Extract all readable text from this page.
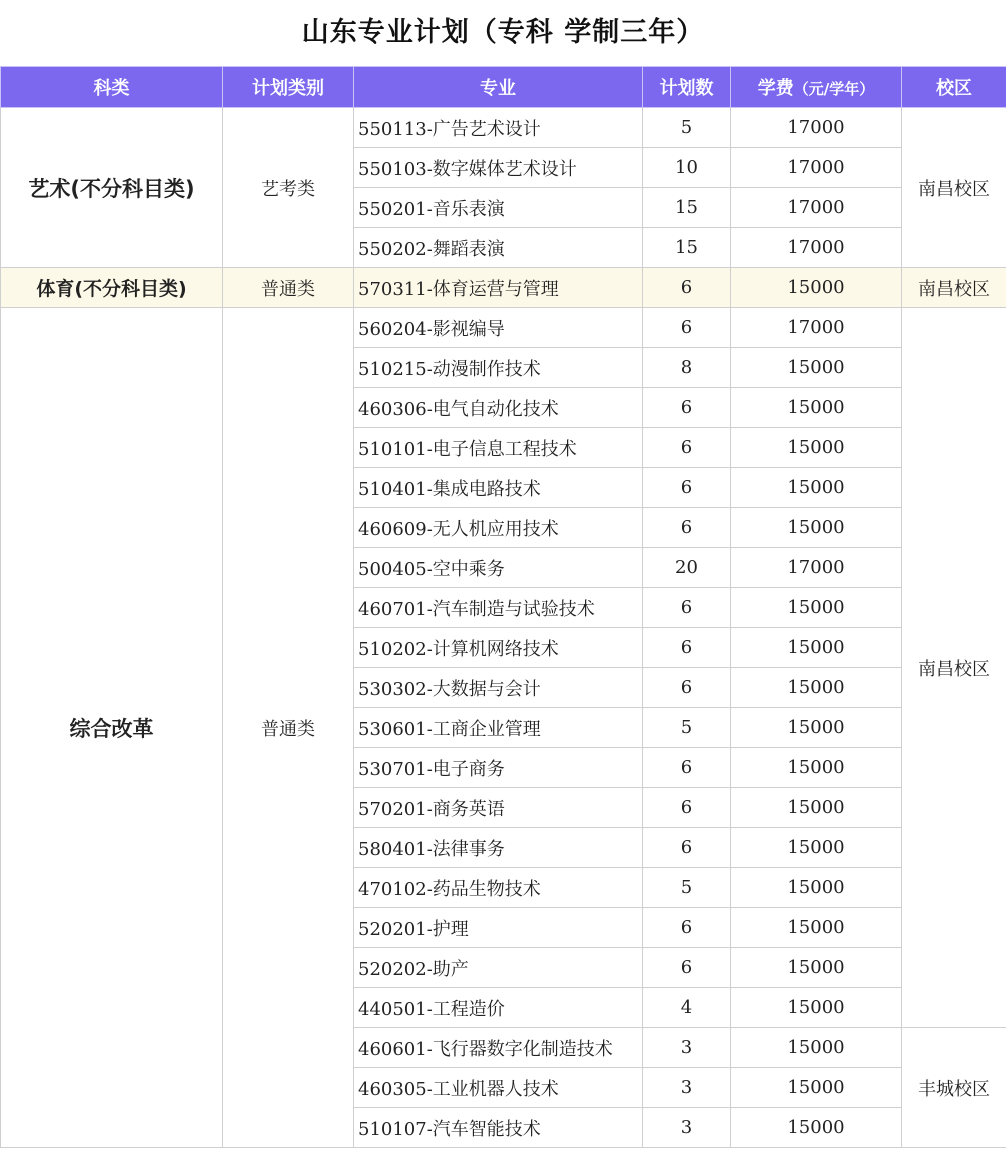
山东专业计划（专科 学制三年）
科类	计划类别	专业	计划数	学费（元/学年）	校区
艺术(不分科目类)	艺考类	550113-广告艺术设计	5	17000	南昌校区
		550103-数字媒体艺术设计	10	17000	
		550201-音乐表演	15	17000	
		550202-舞蹈表演	15	17000	
体育(不分科目类)	普通类	570311-体育运营与管理	6	15000	南昌校区
综合改革	普通类	560204-影视编导	6	17000	南昌校区
		510215-动漫制作技术	8	15000	
		460306-电气自动化技术	6	15000	
		510101-电子信息工程技术	6	15000	
		510401-集成电路技术	6	15000	
		460609-无人机应用技术	6	15000	
		500405-空中乘务	20	17000	
		460701-汽车制造与试验技术	6	15000	
		510202-计算机网络技术	6	15000	
		530302-大数据与会计	6	15000	
		530601-工商企业管理	5	15000	
		530701-电子商务	6	15000	
		570201-商务英语	6	15000	
		580401-法律事务	6	15000	
		470102-药品生物技术	5	15000	
		520201-护理	6	15000	
		520202-助产	6	15000	
		440501-工程造价	4	15000	
		460601-飞行器数字化制造技术	3	15000	丰城校区
		460305-工业机器人技术	3	15000	
		510107-汽车智能技术	3	15000	
